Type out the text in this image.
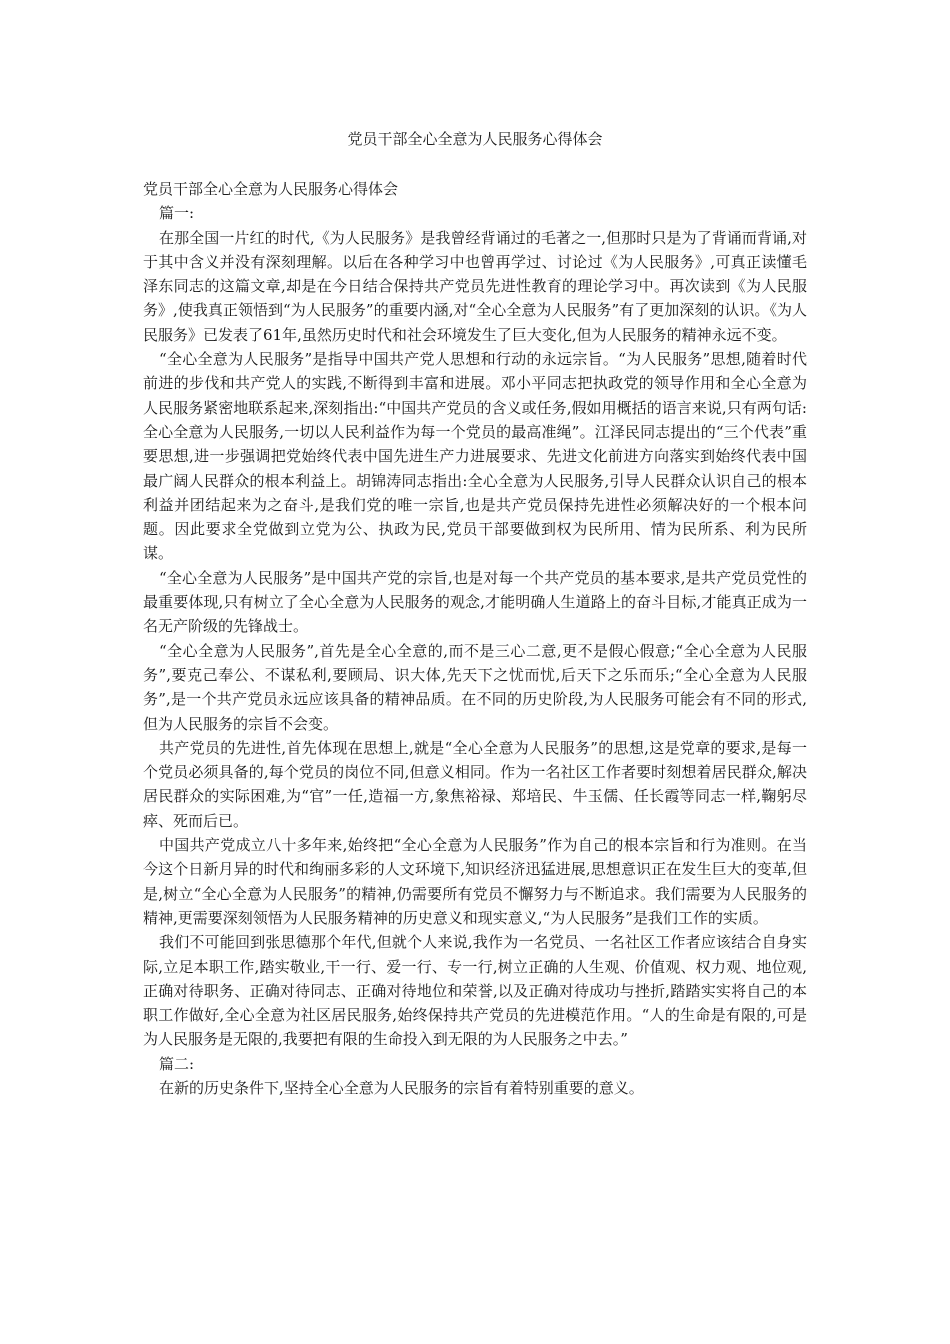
党员干部全心全意为人民服务心得体会

党员干部全心全意为人民服务心得体会

篇一:

在那全国一片红的时代,《为人民服务》是我曾经背诵过的毛著之一,但那时只是为了背诵而背诵,对于其中含义并没有深刻理解。以后在各种学习中也曾再学过、讨论过《为人民服务》,可真正读懂毛泽东同志的这篇文章,却是在今日结合保持共产党员先进性教育的理论学习中。再次读到《为人民服务》,使我真正领悟到“为人民服务”的重要内涵,对“全心全意为人民服务”有了更加深刻的认识。《为人民服务》已发表了61年,虽然历史时代和社会环境发生了巨大变化,但为人民服务的精神永远不变。

“全心全意为人民服务”是指导中国共产党人思想和行动的永远宗旨。“为人民服务”思想,随着时代前进的步伐和共产党人的实践,不断得到丰富和进展。邓小平同志把执政党的领导作用和全心全意为人民服务紧密地联系起来,深刻指出:“中国共产党员的含义或任务,假如用概括的语言来说,只有两句话:全心全意为人民服务,一切以人民利益作为每一个党员的最高准绳”。江泽民同志提出的“三个代表”重要思想,进一步强调把党始终代表中国先进生产力进展要求、先进文化前进方向落实到始终代表中国最广阔人民群众的根本利益上。胡锦涛同志指出:全心全意为人民服务,引导人民群众认识自己的根本利益并团结起来为之奋斗,是我们党的唯一宗旨,也是共产党员保持先进性必须解决好的一个根本问题。因此要求全党做到立党为公、执政为民,党员干部要做到权为民所用、情为民所系、利为民所谋。

“全心全意为人民服务”是中国共产党的宗旨,也是对每一个共产党员的基本要求,是共产党员党性的最重要体现,只有树立了全心全意为人民服务的观念,才能明确人生道路上的奋斗目标,才能真正成为一名无产阶级的先锋战士。

“全心全意为人民服务”,首先是全心全意的,而不是三心二意,更不是假心假意;“全心全意为人民服务”,要克己奉公、不谋私利,要顾局、识大体,先天下之忧而忧,后天下之乐而乐;“全心全意为人民服务”,是一个共产党员永远应该具备的精神品质。在不同的历史阶段,为人民服务可能会有不同的形式,但为人民服务的宗旨不会变。

共产党员的先进性,首先体现在思想上,就是“全心全意为人民服务”的思想,这是党章的要求,是每一个党员必须具备的,每个党员的岗位不同,但意义相同。作为一名社区工作者要时刻想着居民群众,解决居民群众的实际困难,为“官”一任,造福一方,象焦裕禄、郑培民、牛玉儒、任长霞等同志一样,鞠躬尽瘁、死而后已。

中国共产党成立八十多年来,始终把“全心全意为人民服务”作为自己的根本宗旨和行为准则。在当今这个日新月异的时代和绚丽多彩的人文环境下,知识经济迅猛进展,思想意识正在发生巨大的变革,但是,树立“全心全意为人民服务”的精神,仍需要所有党员不懈努力与不断追求。我们需要为人民服务的精神,更需要深刻领悟为人民服务精神的历史意义和现实意义,“为人民服务”是我们工作的实质。

我们不可能回到张思德那个年代,但就个人来说,我作为一名党员、一名社区工作者应该结合自身实际,立足本职工作,踏实敬业,干一行、爱一行、专一行,树立正确的人生观、价值观、权力观、地位观,正确对待职务、正确对待同志、正确对待地位和荣誉,以及正确对待成功与挫折,踏踏实实将自己的本职工作做好,全心全意为社区居民服务,始终保持共产党员的先进模范作用。“人的生命是有限的,可是为人民服务是无限的,我要把有限的生命投入到无限的为人民服务之中去。”

篇二:

在新的历史条件下,坚持全心全意为人民服务的宗旨有着特别重要的意义。
